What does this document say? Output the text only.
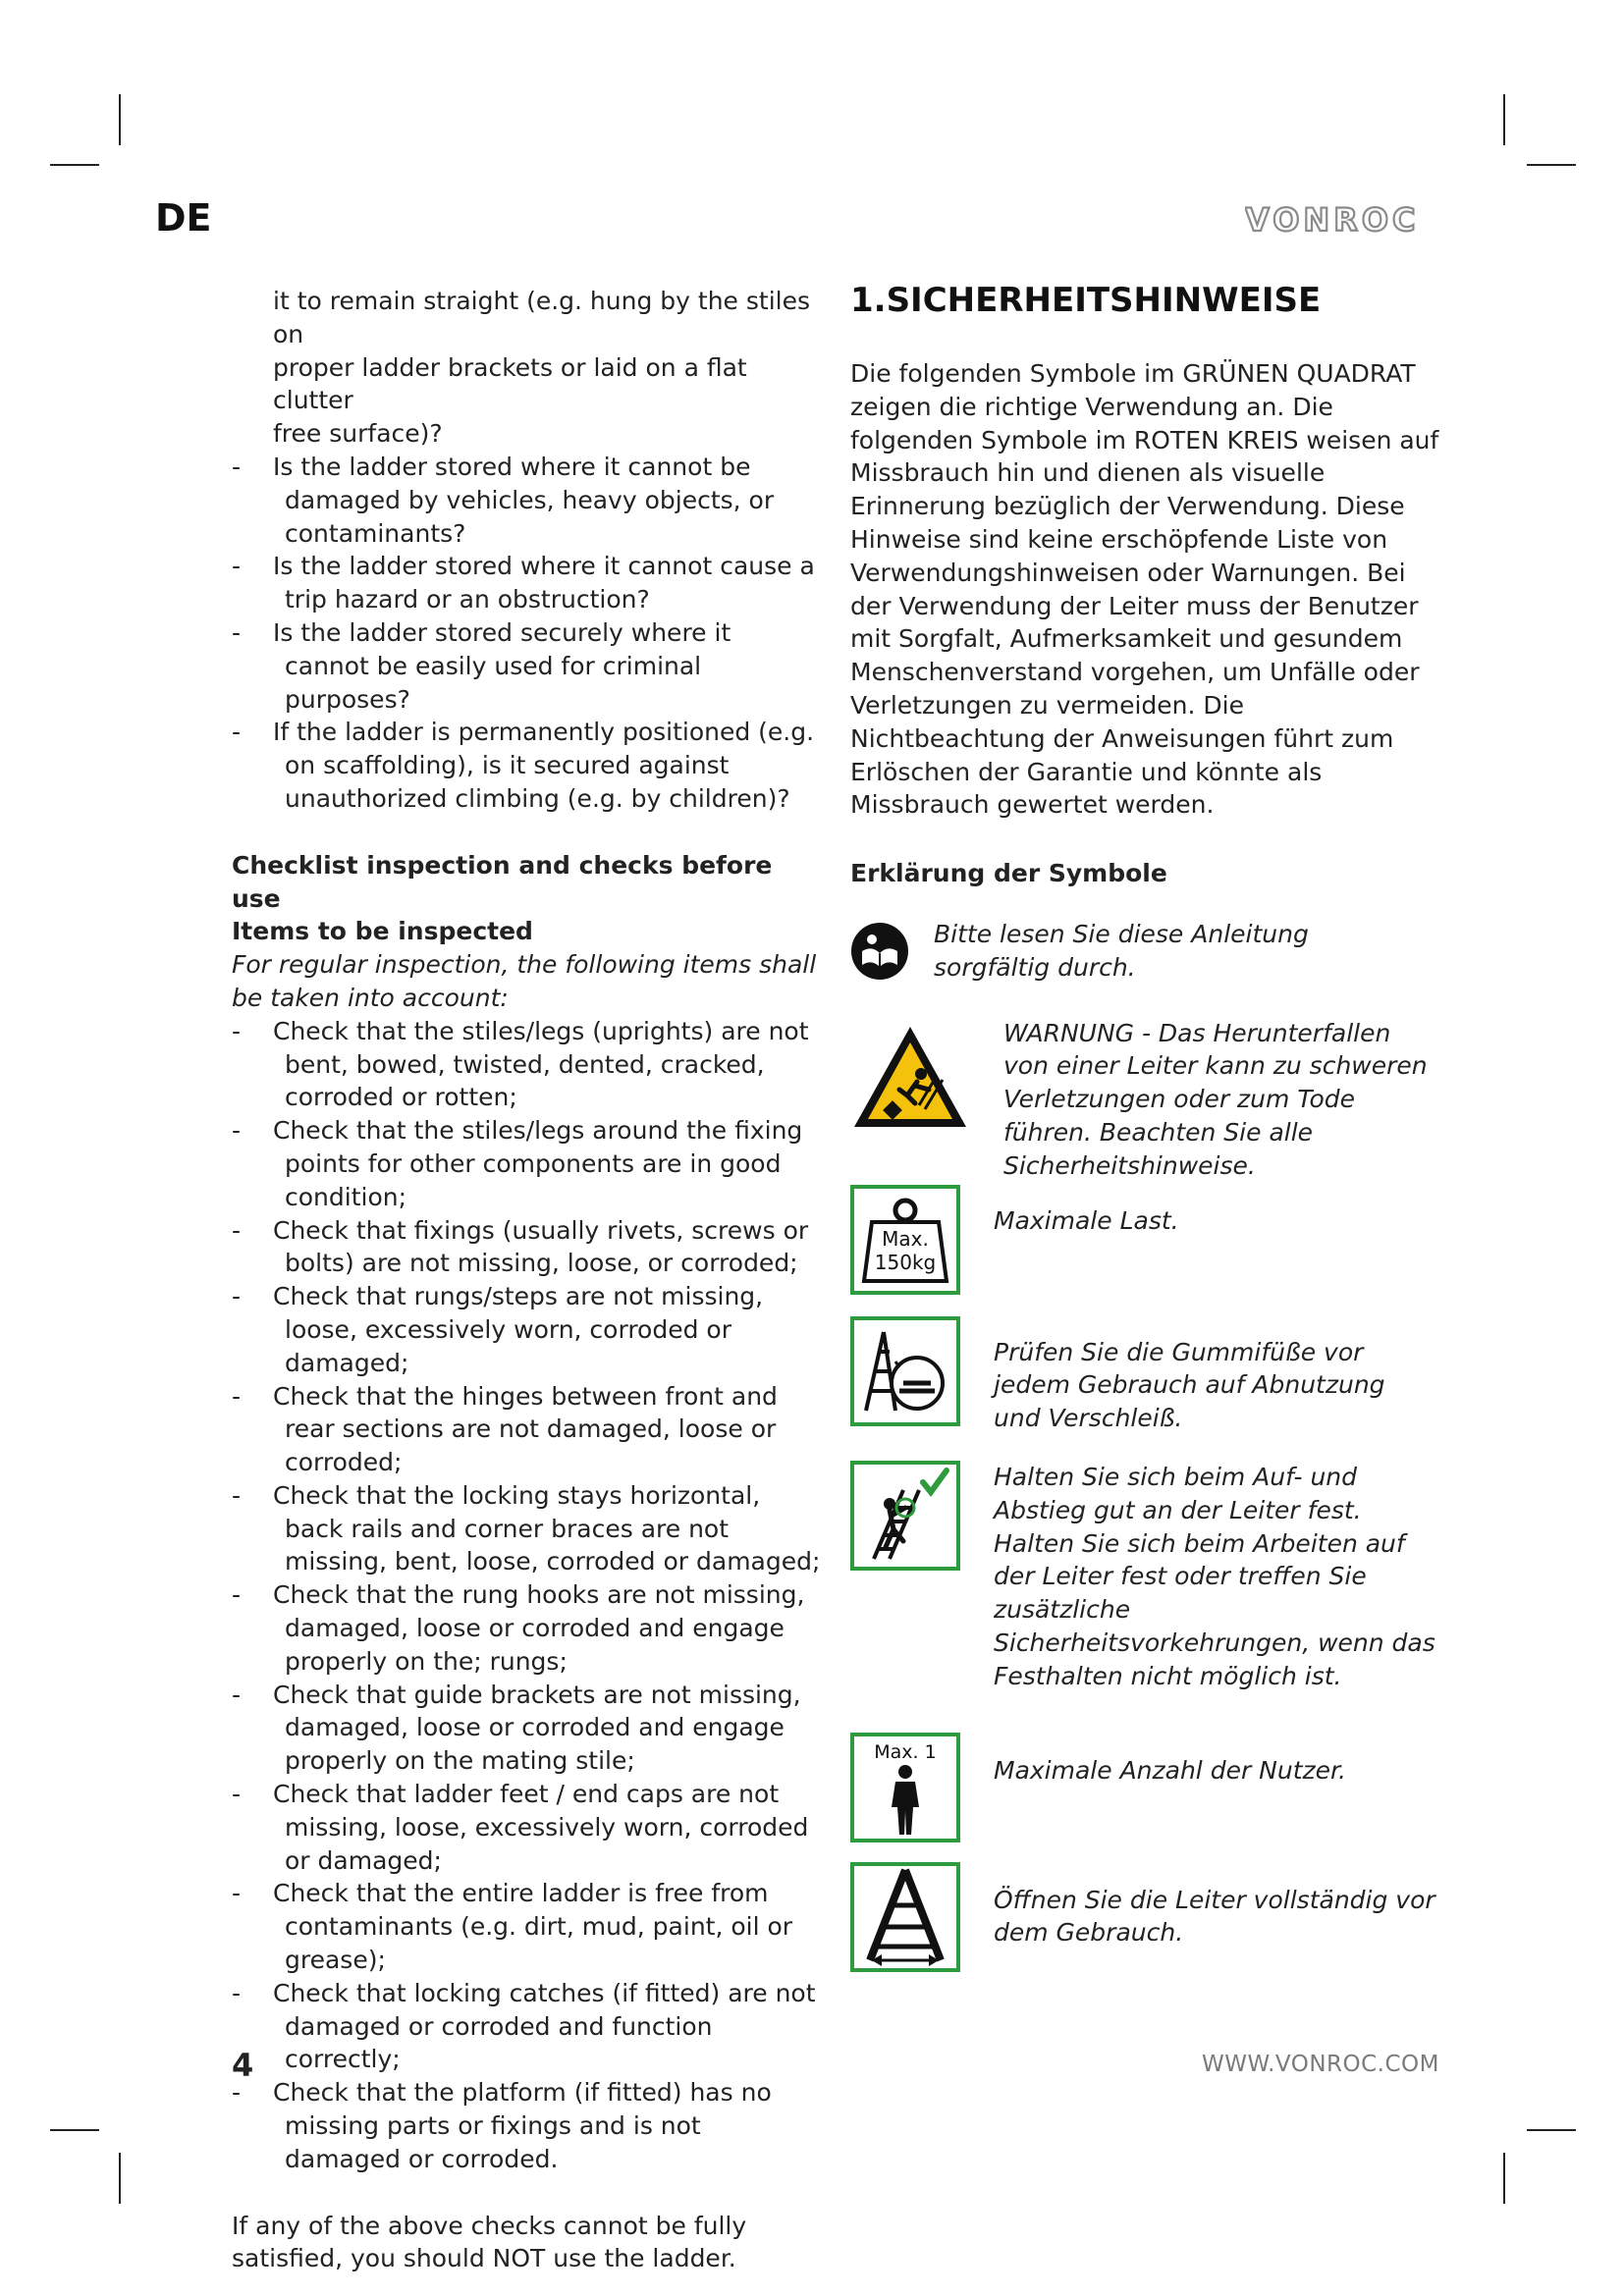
DE	VONROC
it to remain straight (e.g. hung by the stiles on
proper ladder brackets or laid on a flat clutter
free surface)?
- Is the ladder stored where it cannot be damaged by vehicles, heavy objects, or contaminants?
- Is the ladder stored where it cannot cause a trip hazard or an obstruction?
- Is the ladder stored securely where it cannot be easily used for criminal purposes?
- If the ladder is permanently positioned (e.g. on scaffolding), is it secured against unauthorized climbing (e.g. by children)?
Checklist inspection and checks before use
Items to be inspected
For regular inspection, the following items shall be taken into account:
- Check that the stiles/legs (uprights) are not bent, bowed, twisted, dented, cracked, corroded or rotten;
- Check that the stiles/legs around the fixing points for other components are in good condition;
- Check that fixings (usually rivets, screws or bolts) are not missing, loose, or corroded;
- Check that rungs/steps are not missing, loose, excessively worn, corroded or damaged;
- Check that the hinges between front and rear sections are not damaged, loose or corroded;
- Check that the locking stays horizontal, back rails and corner braces are not missing, bent, loose, corroded or damaged;
- Check that the rung hooks are not missing, damaged, loose or corroded and engage properly on the; rungs;
- Check that guide brackets are not missing, damaged, loose or corroded and engage properly on the mating stile;
- Check that ladder feet / end caps are not missing, loose, excessively worn, corroded or damaged;
- Check that the entire ladder is free from contaminants (e.g. dirt, mud, paint, oil or grease);
- Check that locking catches (if fitted) are not damaged or corroded and function correctly;
- Check that the platform (if fitted) has no missing parts or fixings and is not damaged or corroded.
If any of the above checks cannot be fully satisfied, you should NOT use the ladder.
1.SICHERHEITSHINWEISE
Die folgenden Symbole im GRÜNEN QUADRAT zeigen die richtige Verwendung an. Die folgenden Symbole im ROTEN KREIS weisen auf Missbrauch hin und dienen als visuelle Erinnerung bezüglich der Verwendung. Diese Hinweise sind keine erschöpfende Liste von Verwendungshinweisen oder Warnungen. Bei der Verwendung der Leiter muss der Benutzer mit Sorgfalt, Aufmerksamkeit und gesundem Menschenverstand vorgehen, um Unfälle oder Verletzungen zu vermeiden. Die Nichtbeachtung der Anweisungen führt zum Erlöschen der Garantie und könnte als Missbrauch gewertet werden.
Erklärung der Symbole
Bitte lesen Sie diese Anleitung sorgfältig durch.
WARNUNG - Das Herunterfallen von einer Leiter kann zu schweren Verletzungen oder zum Tode führen. Beachten Sie alle Sicherheitshinweise.
Max.
150kg
Maximale Last.
Prüfen Sie die Gummifüße vor jedem Gebrauch auf Abnutzung und Verschleiß.
Halten Sie sich beim Auf- und Abstieg gut an der Leiter fest. Halten Sie sich beim Arbeiten auf der Leiter fest oder treffen Sie zusätzliche Sicherheitsvorkehrungen, wenn das Festhalten nicht möglich ist.
Max. 1
Maximale Anzahl der Nutzer.
Öffnen Sie die Leiter vollständig vor dem Gebrauch.
4	WWW.VONROC.COM
